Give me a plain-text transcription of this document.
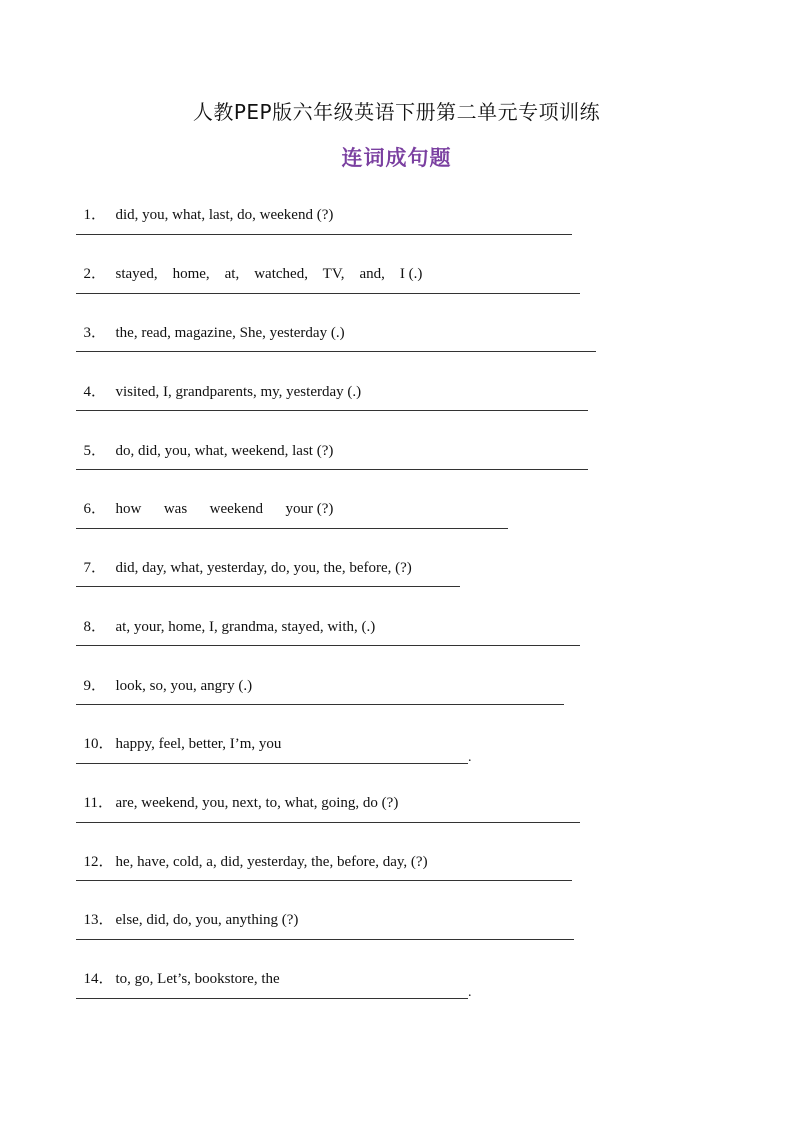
人教PEP版六年级英语下册第二单元专项训练
连词成句题

1． did, you, what, last, do, weekend (?)

2． stayed,    home,    at,    watched,    TV,    and,    I (.)

3． the, read, magazine, She, yesterday (.)

4． visited, I, grandparents, my, yesterday (.)

5． do, did, you, what, weekend, last (?)

6． how      was      weekend      your (?)

7． did, day, what, yesterday, do, you, the, before, (?)

8． at, your, home, I, grandma, stayed, with, (.)

9． look, so, you, angry (.)

10． happy, feel, better, I’m, you

.

11． are, weekend, you, next, to, what, going, do (?)

12． he, have, cold, a, did, yesterday, the, before, day, (?)

13． else, did, do, you, anything (?)

14． to, go, Let’s, bookstore, the

.
